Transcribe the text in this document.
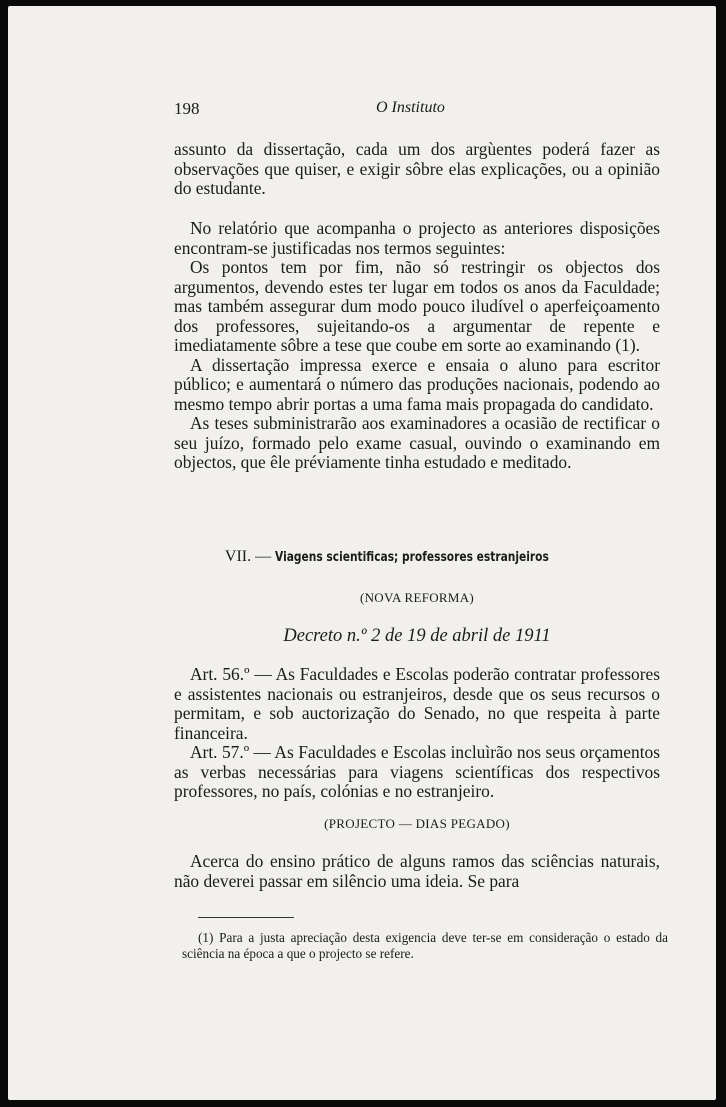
198	O Instituto

assunto da dissertação, cada um dos argùentes poderá fazer as observações que quiser, e exigir sôbre elas explicações, ou a opinião do estudante.

No relatório que acompanha o projecto as anteriores disposições encontram-se justificadas nos termos seguintes:

Os pontos tem por fim, não só restringir os objectos dos argumentos, devendo estes ter lugar em todos os anos da Faculdade; mas também assegurar dum modo pouco iludível o aperfeiçoamento dos professores, sujeitando-os a argumentar de repente e imediatamente sôbre a tese que coube em sorte ao examinando (1).

A dissertação impressa exerce e ensaia o aluno para escritor público; e aumentará o número das produções nacionais, podendo ao mesmo tempo abrir portas a uma fama mais propagada do candidato.

As teses subministrarão aos examinadores a ocasião de rectificar o seu juízo, formado pelo exame casual, ouvindo o examinando em objectos, que êle préviamente tinha estudado e meditado.

VII. — Viagens scientificas; professores estranjeiros
(NOVA REFORMA)
Decreto n.º 2 de 19 de abril de 1911

Art. 56.º — As Faculdades e Escolas poderão contratar professores e assistentes nacionais ou estranjeiros, desde que os seus recursos o permitam, e sob auctorização do Senado, no que respeita à parte financeira.

Art. 57.º — As Faculdades e Escolas incluìrão nos seus orçamentos as verbas necessárias para viagens scientíficas dos respectivos professores, no país, colónias e no estranjeiro.

(PROJECTO — DIAS PEGADO)

Acerca do ensino prático de alguns ramos das sciências naturais, não deverei passar em silêncio uma ideia. Se para

(1) Para a justa apreciação desta exigencia deve ter-se em consideração o estado da sciência na época a que o projecto se refere.
